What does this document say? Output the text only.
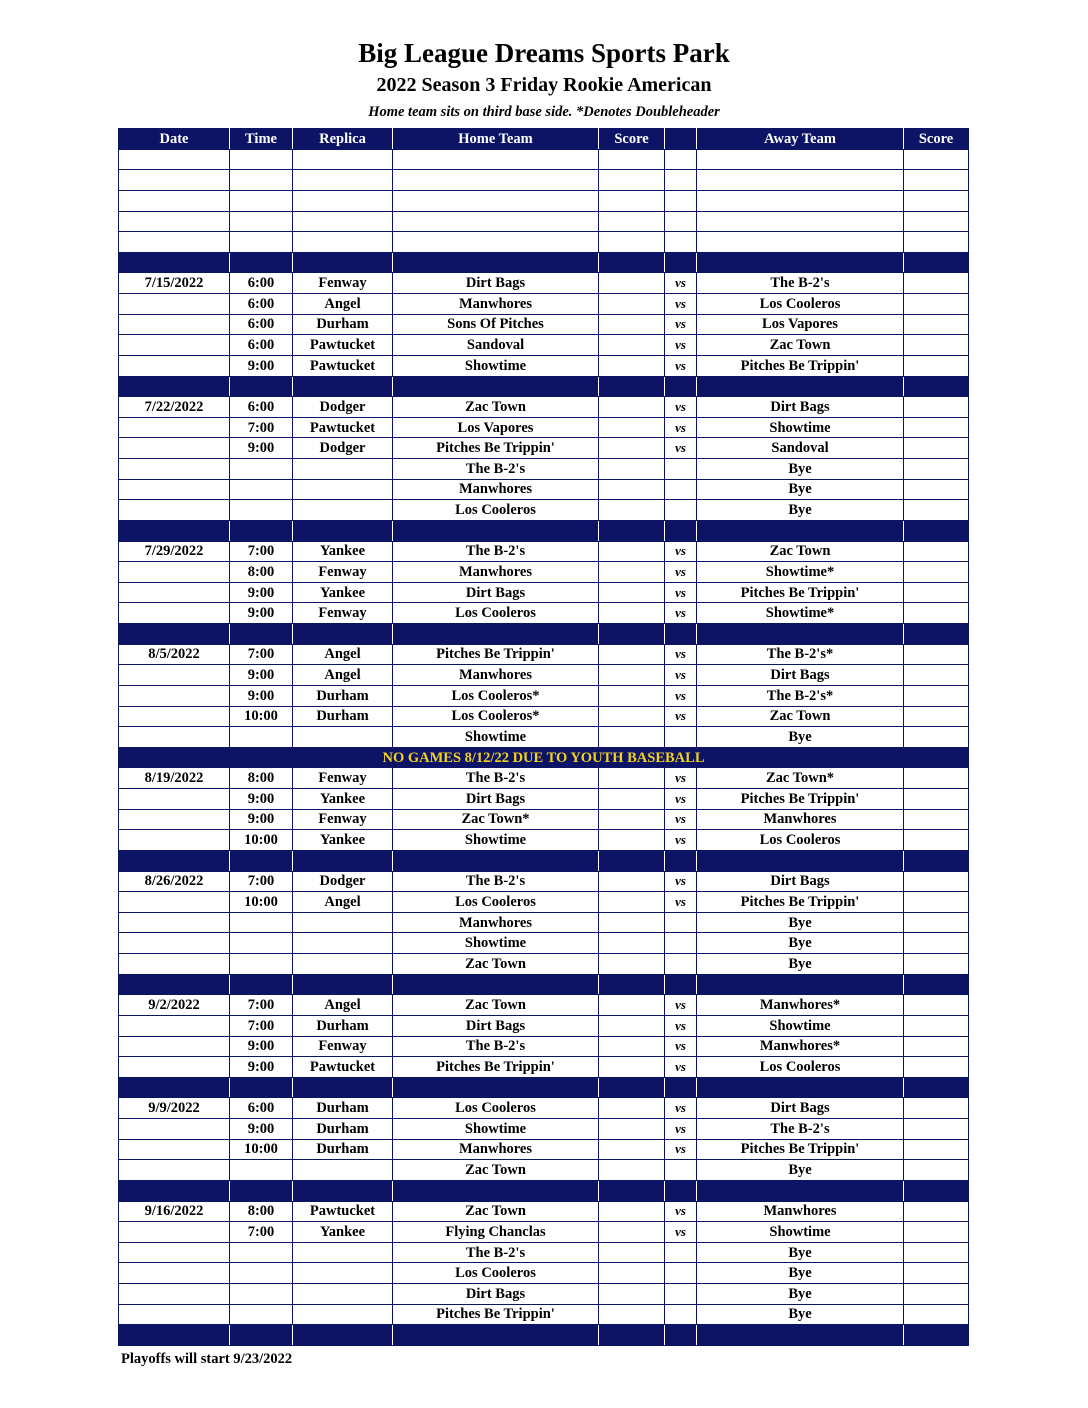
Big League Dreams Sports Park
2022 Season 3 Friday Rookie American
Home team sits on third base side. *Denotes Doubleheader
Date	Time	Replica	Home Team	Score		Away Team	Score

7/15/2022	6:00	Fenway	Dirt Bags		vs	The B-2's	
	6:00	Angel	Manwhores		vs	Los Cooleros	
	6:00	Durham	Sons Of Pitches		vs	Los Vapores	
	6:00	Pawtucket	Sandoval		vs	Zac Town	
	9:00	Pawtucket	Showtime		vs	Pitches Be Trippin'	

7/22/2022	6:00	Dodger	Zac Town		vs	Dirt Bags	
	7:00	Pawtucket	Los Vapores		vs	Showtime	
	9:00	Dodger	Pitches Be Trippin'		vs	Sandoval	
			The B-2's			Bye	
			Manwhores			Bye	
			Los Cooleros			Bye	

7/29/2022	7:00	Yankee	The B-2's		vs	Zac Town	
	8:00	Fenway	Manwhores		vs	Showtime*	
	9:00	Yankee	Dirt Bags		vs	Pitches Be Trippin'	
	9:00	Fenway	Los Cooleros		vs	Showtime*	

8/5/2022	7:00	Angel	Pitches Be Trippin'		vs	The B-2's*	
	9:00	Angel	Manwhores		vs	Dirt Bags	
	9:00	Durham	Los Cooleros*		vs	The B-2's*	
	10:00	Durham	Los Cooleros*		vs	Zac Town	
			Showtime			Bye	
NO GAMES 8/12/22 DUE TO YOUTH BASEBALL							
8/19/2022	8:00	Fenway	The B-2's		vs	Zac Town*	
	9:00	Yankee	Dirt Bags		vs	Pitches Be Trippin'	
	9:00	Fenway	Zac Town*		vs	Manwhores	
	10:00	Yankee	Showtime		vs	Los Cooleros	

8/26/2022	7:00	Dodger	The B-2's		vs	Dirt Bags	
	10:00	Angel	Los Cooleros		vs	Pitches Be Trippin'	
			Manwhores			Bye	
			Showtime			Bye	
			Zac Town			Bye	

9/2/2022	7:00	Angel	Zac Town		vs	Manwhores*	
	7:00	Durham	Dirt Bags		vs	Showtime	
	9:00	Fenway	The B-2's		vs	Manwhores*	
	9:00	Pawtucket	Pitches Be Trippin'		vs	Los Cooleros	

9/9/2022	6:00	Durham	Los Cooleros		vs	Dirt Bags	
	9:00	Durham	Showtime		vs	The B-2's	
	10:00	Durham	Manwhores		vs	Pitches Be Trippin'	
			Zac Town			Bye	

9/16/2022	8:00	Pawtucket	Zac Town		vs	Manwhores	
	7:00	Yankee	Flying Chanclas		vs	Showtime	
			The B-2's			Bye	
			Los Cooleros			Bye	
			Dirt Bags			Bye	
			Pitches Be Trippin'			Bye	

Playoffs will start 9/23/2022
